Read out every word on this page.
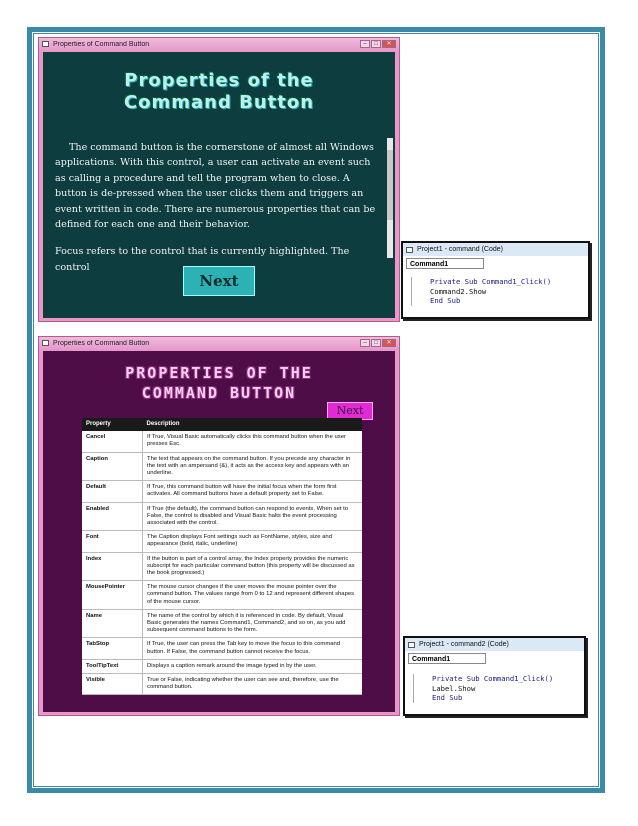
Properties of Command Button	–	□	✕
Properties of the
Command Button

The command button is the cornerstone of almost all Windows applications. With this control, a user can activate an event such as calling a procedure and tell the program when to close. A button is de-pressed when the user clicks them and triggers an event written in code. There are numerous properties that can be defined for each one and their behavior.

Focus refers to the control that is currently highlighted. The control

Next
Project1 - command (Code)
Command1
Private Sub Command1_Click()
Command2.Show
End Sub
Properties of Command Button	–	□	✕
PROPERTIES OF THE
COMMAND BUTTON
Next
Property	Description
Cancel	If True, Visual Basic automatically clicks this command button when the user presses Esc.
Caption	The text that appears on the command button. If you precede any character in the text with an ampersand (&), it acts as the access key and appears with an underline.
Default	If True, this command button will have the initial focus when the form first activates. All command buttons have a default property set to False.
Enabled	If True (the default), the command button can respond to events. When set to False, the control is disabled and Visual Basic halts the event processing associated with the control.
Font	The Caption displays Font settings such as FontName, styles, size and appearance (bold, italic, underline)
Index	If the button is part of a control array, the Index property provides the numeric subscript for each particular command button (this property will be discussed as the book progressed.)
MousePointer	The mouse cursor changes if the user moves the mouse pointer over the command button. The values range from 0 to 12 and represent different shapes of the mouse cursor.
Name	The name of the control by which it is referenced in code. By default, Visual Basic generates the names Command1, Command2, and so on, as you add subsequent command buttons to the form.
TabStop	If True, the user can press the Tab key to move the focus to this command button. If False, the command button cannot receive the focus.
ToolTipText	Displays a caption remark around the image typed in by the user.
Visible	True or False, indicating whether the user can see and, therefore, use the command button.
Project1 - command2 (Code)
Command1
Private Sub Command1_Click()
Label.Show
End Sub
